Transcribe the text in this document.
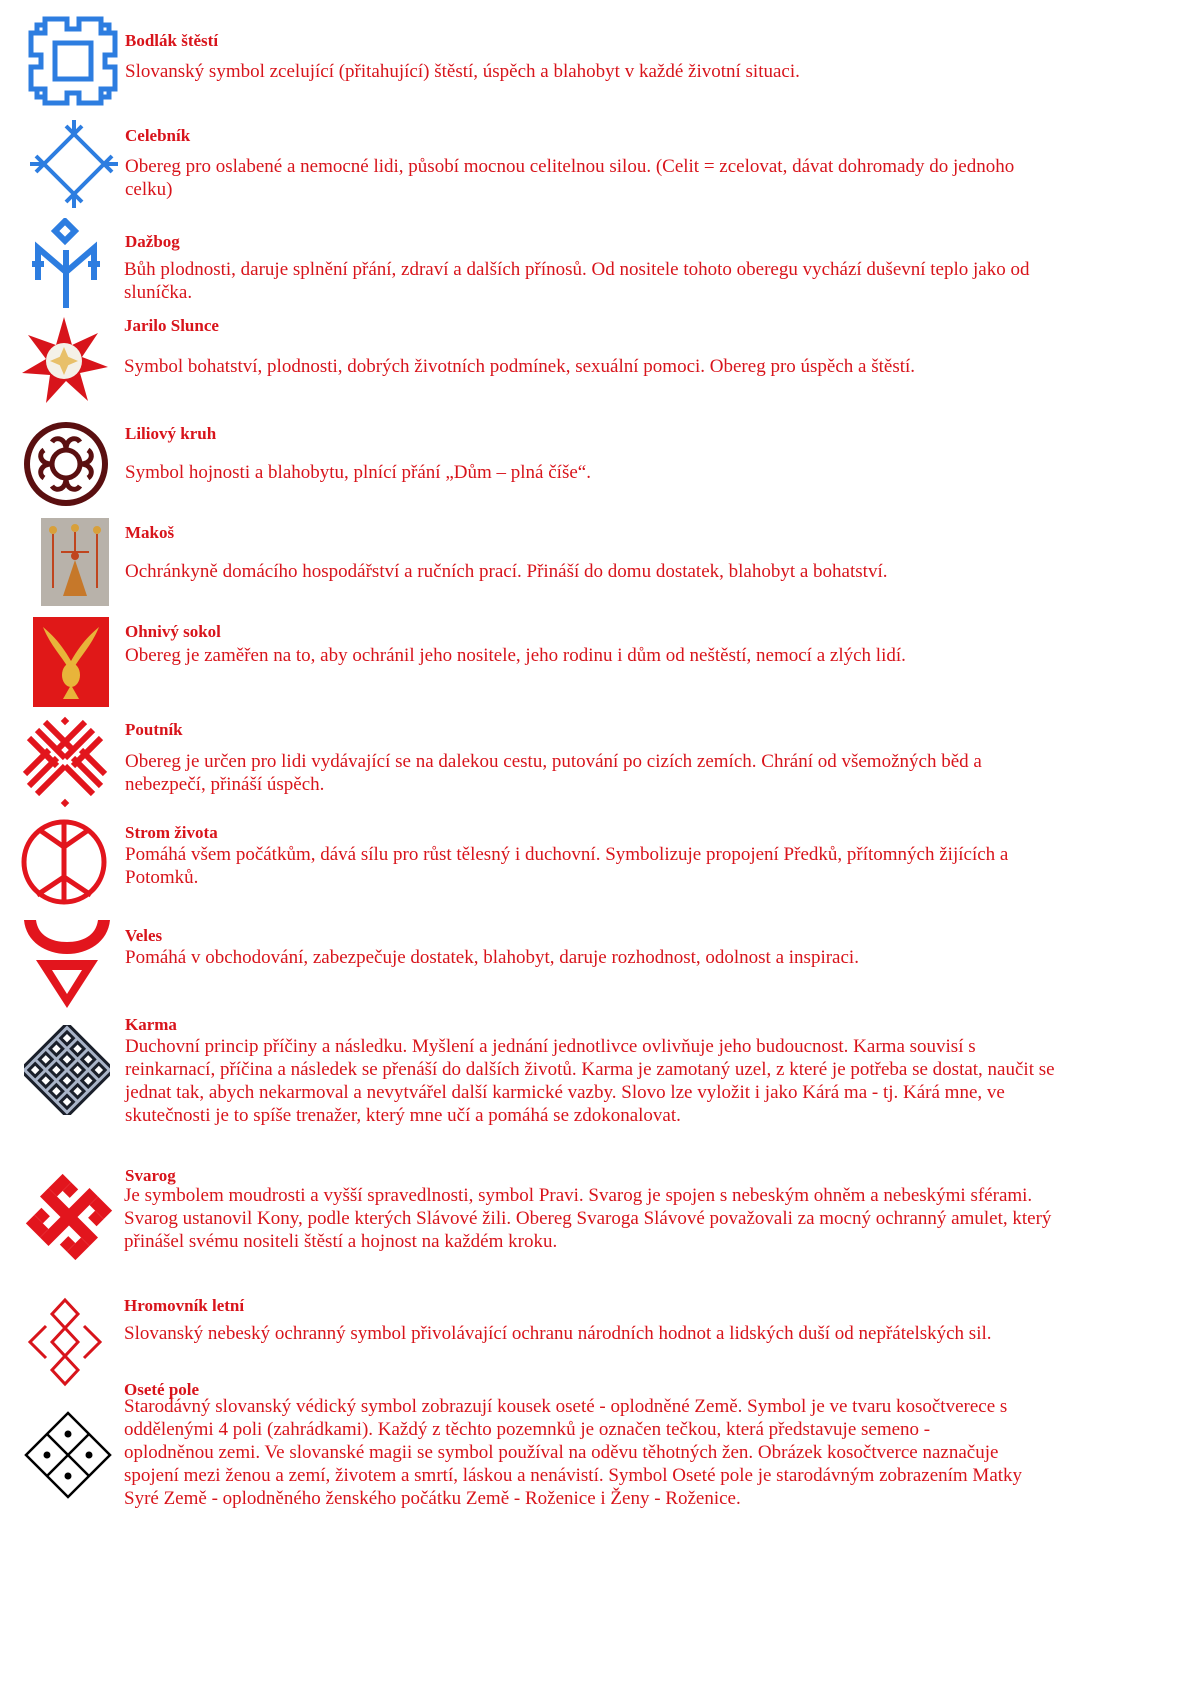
Bodlák štěstí
Slovanský symbol zcelující (přitahující) štěstí, úspěch a blahobyt v každé životní situaci.
Celebník
Obereg pro oslabené a nemocné lidi, působí mocnou celitelnou silou. (Celit = zcelovat, dávat dohromady do jednoho celku)
Dažbog
Bůh plodnosti, daruje splnění přání, zdraví a dalších přínosů. Od nositele tohoto oberegu vychází duševní teplo jako od sluníčka.
Jarilo Slunce
Symbol bohatství, plodnosti, dobrých životních podmínek, sexuální pomoci. Obereg pro úspěch a štěstí.
Liliový kruh
Symbol hojnosti a blahobytu, plnící přání „Dům – plná číše“.
Makoš
Ochránkyně domácího hospodářství a ručních prací. Přináší do domu dostatek, blahobyt a bohatství.
Ohnivý sokol
Obereg je zaměřen na to, aby ochránil jeho nositele, jeho rodinu i dům od neštěstí, nemocí a zlých lidí.
Poutník
Obereg je určen pro lidi vydávající se na dalekou cestu, putování po cizích zemích. Chrání od všemožných běd a nebezpečí, přináší úspěch.
Strom života
Pomáhá všem počátkům, dává sílu pro růst tělesný i duchovní. Symbolizuje propojení Předků, přítomných žijících a Potomků.
Veles
Pomáhá v obchodování, zabezpečuje dostatek, blahobyt, daruje rozhodnost, odolnost a inspiraci.
Karma
Duchovní princip příčiny a následku. Myšlení a jednání jednotlivce ovlivňuje jeho budoucnost. Karma souvisí s reinkarnací, příčina a následek se přenáší do dalších životů. Karma je zamotaný uzel, z které je potřeba se dostat, naučit se jednat tak, abych nekarmoval a nevytvářel další karmické vazby. Slovo lze vyložit i jako Kárá ma - tj. Kárá mne, ve skutečnosti je to spíše trenažer, který mne učí a pomáhá se zdokonalovat.
Svarog
Je symbolem moudrosti a vyšší spravedlnosti, symbol Pravi. Svarog je spojen s nebeským ohněm a nebeskými sférami. Svarog ustanovil Kony, podle kterých Slávové žili. Obereg Svaroga Slávové považovali za mocný ochranný amulet, který přinášel svému nositeli štěstí a hojnost na každém kroku.
Hromovník letní
Slovanský nebeský ochranný symbol přivolávající ochranu národních hodnot a lidských duší od nepřátelských sil.
Oseté pole
Starodávný slovanský védický symbol zobrazují kousek oseté - oplodněné Země. Symbol je ve tvaru kosočtverece s oddělenými 4 poli (zahrádkami). Každý z těchto pozemnků je označen tečkou, která představuje semeno - oplodněnou zemi. Ve slovanské magii se symbol používal na oděvu těhotných žen. Obrázek kosočtverce naznačuje spojení mezi ženou a zemí, životem a smrtí, láskou a nenávistí. Symbol Oseté pole je starodávným zobrazením Matky Syré Země - oplodněného ženského počátku Země - Roženice i Ženy - Roženice.
